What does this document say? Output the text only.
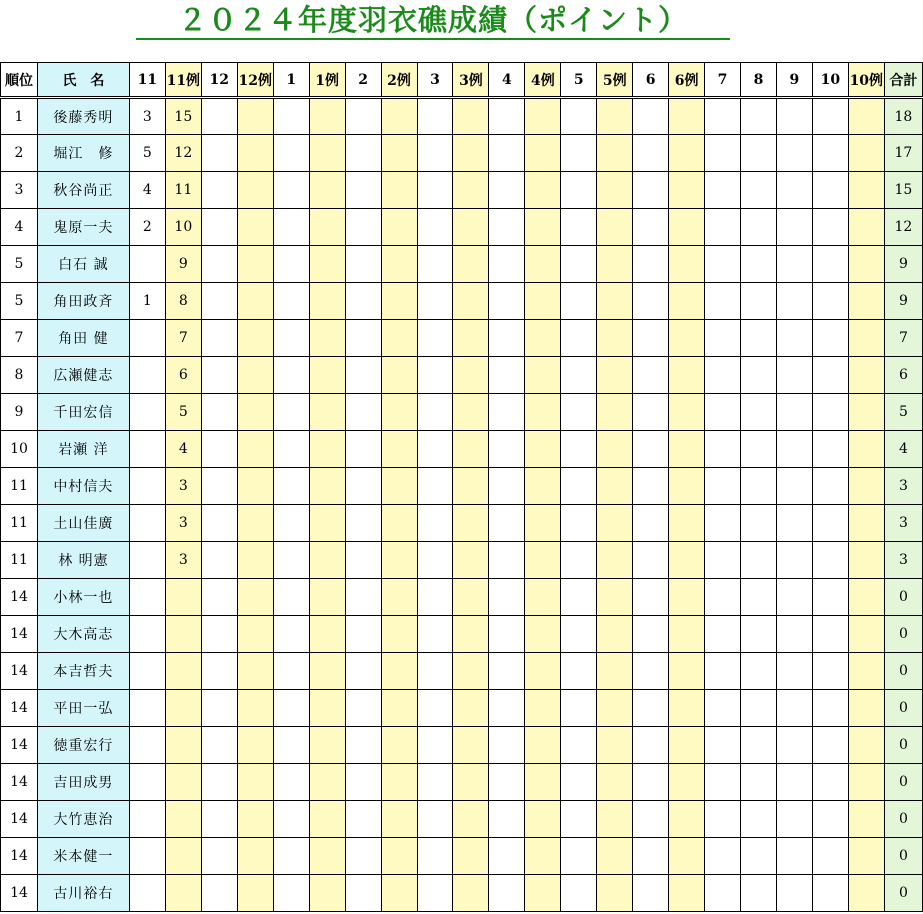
２０２４年度羽衣礁成績（ポイント）
順位	氏　名	11	11例	12	12例	1	1例	2	2例	3	3例	4	4例	5	5例	6	6例	7	8	9	10	10例	合計
1	後藤秀明	3	15																				18
2	堀江　修	5	12																				17
3	秋谷尚正	4	11																				15
4	鬼原一夫	2	10																				12
5	白石 誠		9																				9
5	角田政斉	1	8																				9
7	角田 健		7																				7
8	広瀬健志		6																				6
9	千田宏信		5																				5
10	岩瀬 洋		4																				4
11	中村信夫		3																				3
11	土山佳廣		3																				3
11	林 明憲		3																				3
14	小林一也																						0
14	大木高志																						0
14	本吉哲夫																						0
14	平田一弘																						0
14	徳重宏行																						0
14	吉田成男																						0
14	大竹恵治																						0
14	米本健一																						0
14	古川裕右																						0
